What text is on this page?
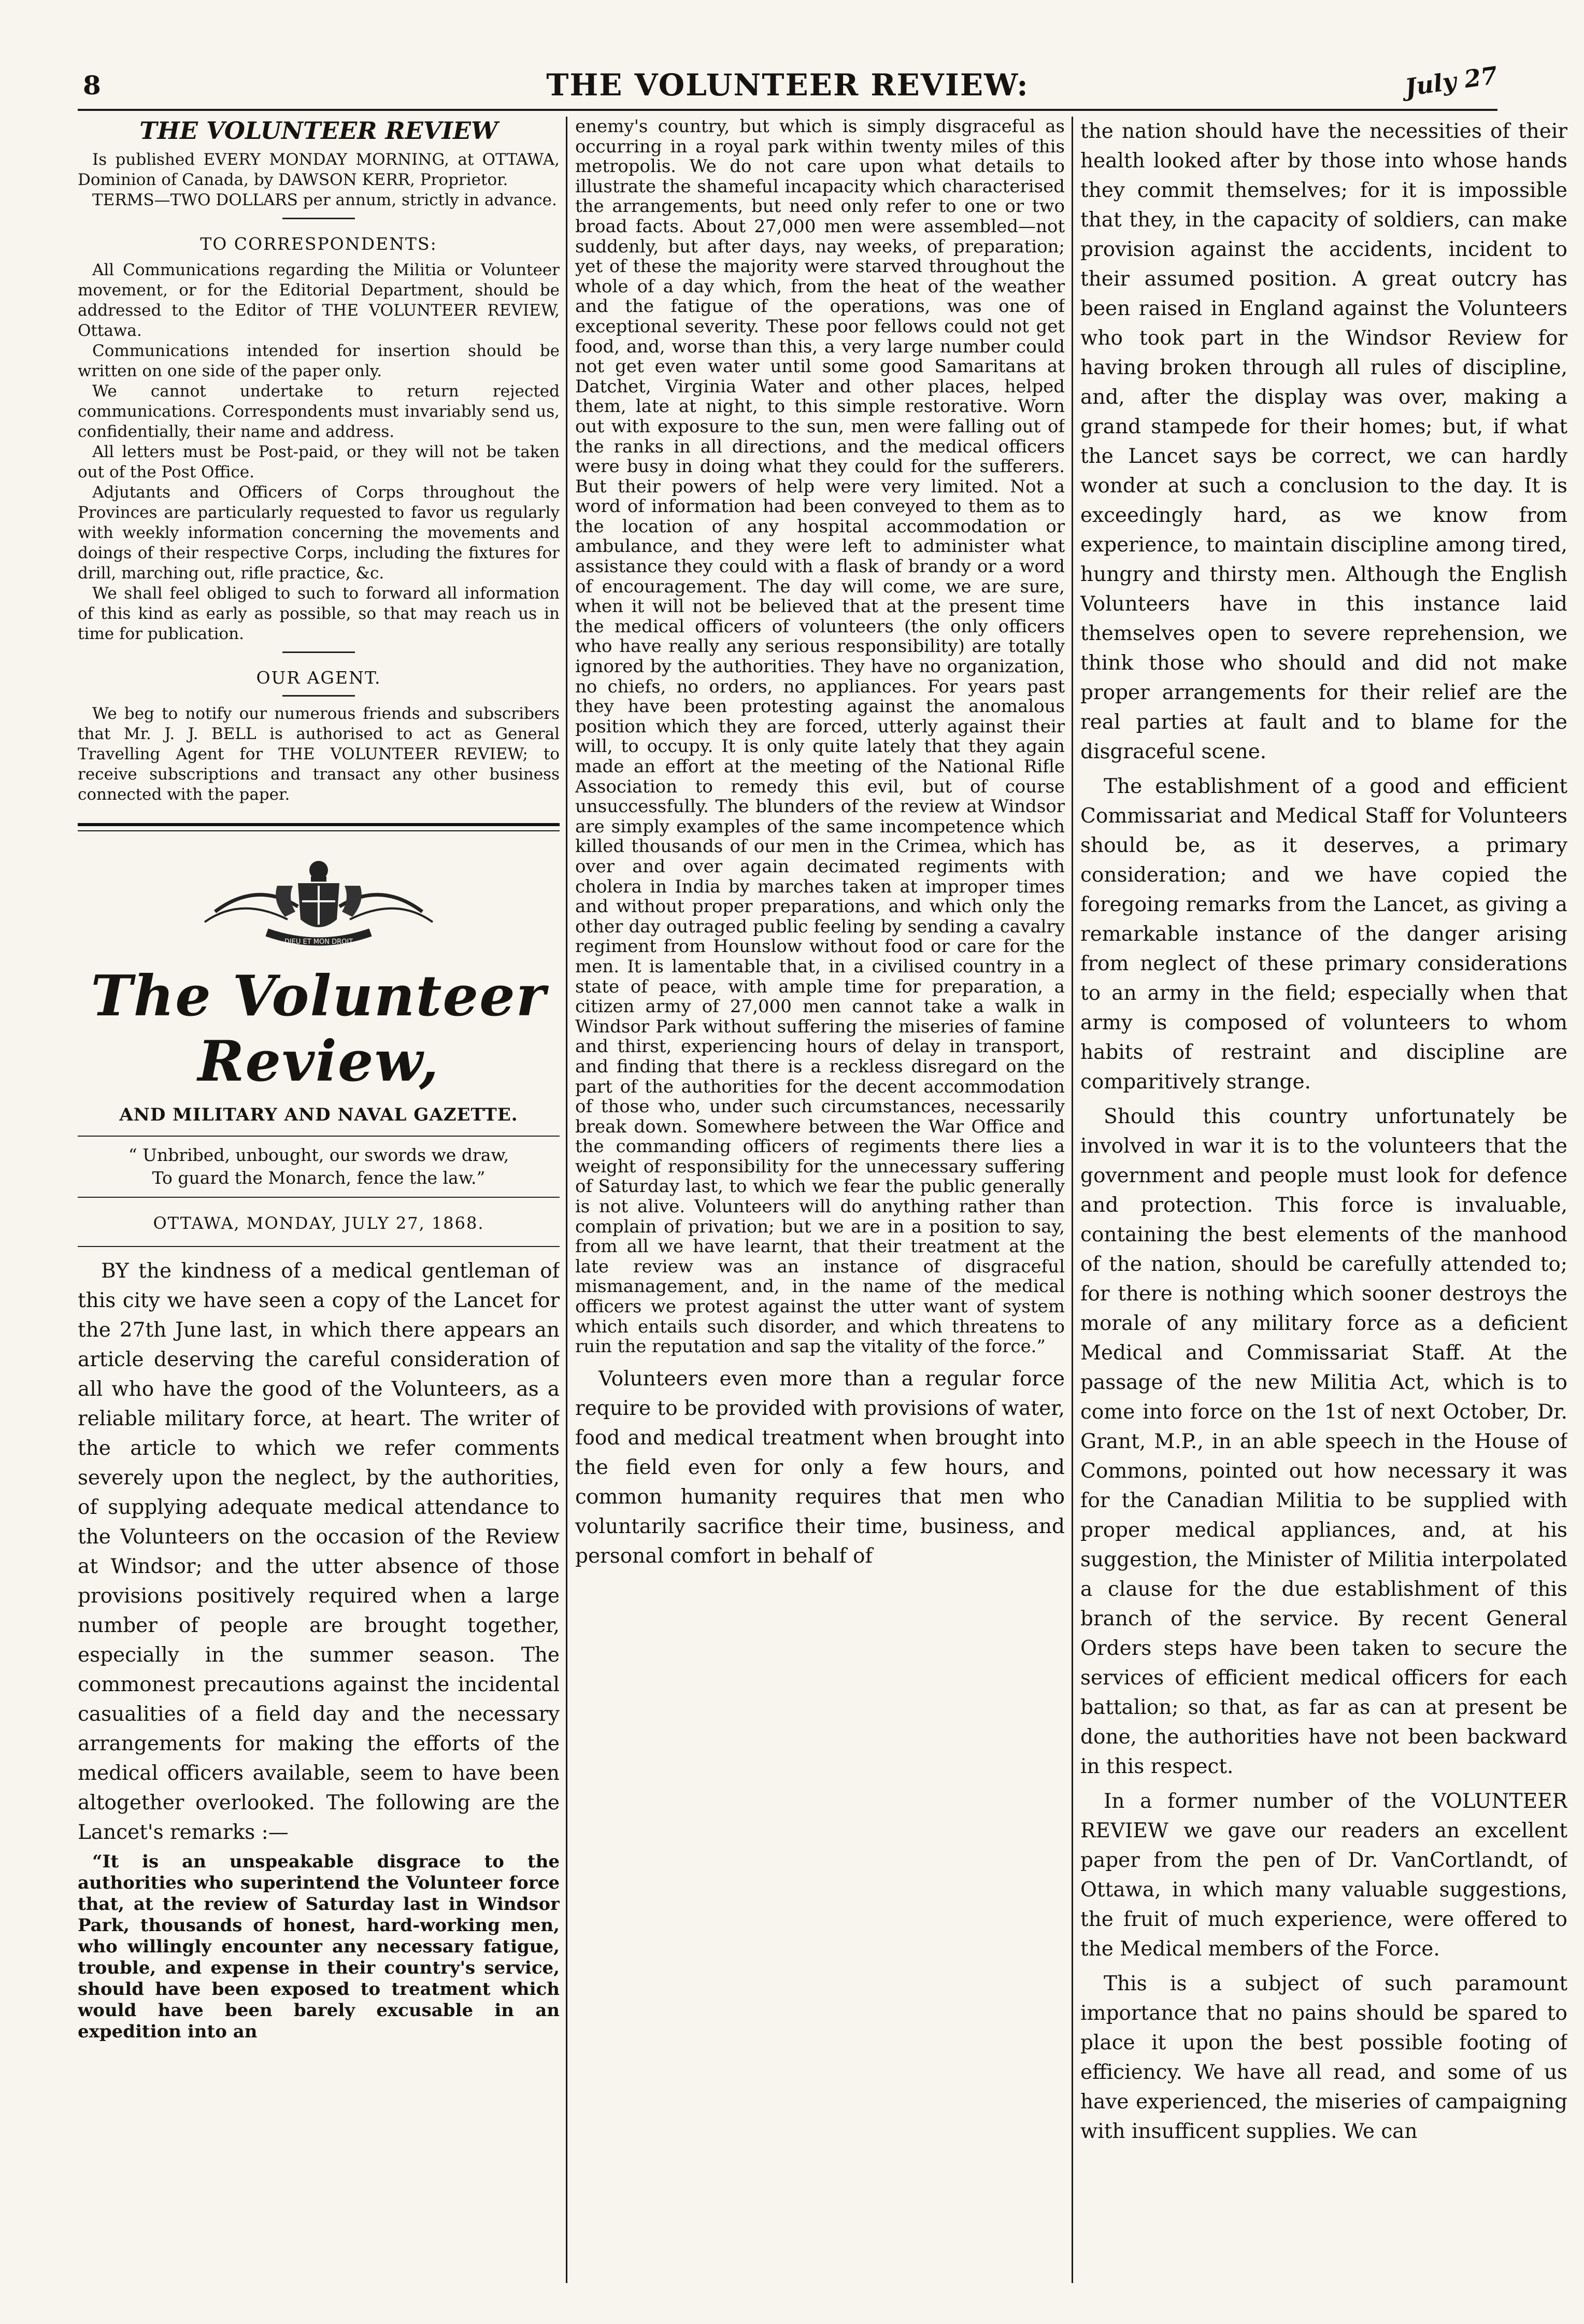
8	THE VOLUNTEER REVIEW:	July 27
THE VOLUNTEER REVIEW

Is published EVERY MONDAY MORNING, at OTTAWA, Dominion of Canada, by DAWSON KERR, Proprietor.

TERMS—TWO DOLLARS per annum, strictly in advance.

TO CORRESPONDENTS:

All Communications regarding the Militia or Volunteer movement, or for the Editorial Department, should be addressed to the Editor of THE VOLUNTEER REVIEW, Ottawa.

Communications intended for insertion should be written on one side of the paper only.

We cannot undertake to return rejected communications. Correspondents must invariably send us, confidentially, their name and address.

All letters must be Post-paid, or they will not be taken out of the Post Office.

Adjutants and Officers of Corps throughout the Provinces are particularly requested to favor us regularly with weekly information concerning the movements and doings of their respective Corps, including the fixtures for drill, marching out, rifle practice, &c.

We shall feel obliged to such to forward all information of this kind as early as possible, so that may reach us in time for publication.

OUR AGENT.

We beg to notify our numerous friends and subscribers that Mr. J. J. BELL is authorised to act as General Travelling Agent for THE VOLUNTEER REVIEW; to receive subscriptions and transact any other business connected with the paper.

DIEU ET MON DROIT
The Volunteer Review,
AND MILITARY AND NAVAL GAZETTE.
“ Unbribed, unbought, our swords we draw,
To guard the Monarch, fence the law.”
OTTAWA, MONDAY, JULY 27, 1868.

BY the kindness of a medical gentleman of this city we have seen a copy of the Lancet for the 27th June last, in which there appears an article deserving the careful consideration of all who have the good of the Volunteers, as a reliable military force, at heart. The writer of the article to which we refer comments severely upon the neglect, by the authorities, of supplying adequate medical attendance to the Volunteers on the occasion of the Review at Windsor; and the utter absence of those provisions positively required when a large number of people are brought together, especially in the summer season. The commonest precautions against the incidental casualities of a field day and the necessary arrangements for making the efforts of the medical officers available, seem to have been altogether overlooked. The following are the Lancet's remarks :—

“It is an unspeakable disgrace to the authorities who superintend the Volunteer force that, at the review of Saturday last in Windsor Park, thousands of honest, hard-working men, who willingly encounter any necessary fatigue, trouble, and expense in their country's service, should have been exposed to treatment which would have been barely excusable in an expedition into an

enemy's country, but which is simply disgraceful as occurring in a royal park within twenty miles of this metropolis. We do not care upon what details to illustrate the shameful incapacity which characterised the arrangements, but need only refer to one or two broad facts. About 27,000 men were assembled—not suddenly, but after days, nay weeks, of preparation; yet of these the majority were starved throughout the whole of a day which, from the heat of the weather and the fatigue of the operations, was one of exceptional severity. These poor fellows could not get food, and, worse than this, a very large number could not get even water until some good Samaritans at Datchet, Virginia Water and other places, helped them, late at night, to this simple restorative. Worn out with exposure to the sun, men were falling out of the ranks in all directions, and the medical officers were busy in doing what they could for the sufferers. But their powers of help were very limited. Not a word of information had been conveyed to them as to the location of any hospital accommodation or ambulance, and they were left to administer what assistance they could with a flask of brandy or a word of encouragement. The day will come, we are sure, when it will not be believed that at the present time the medical officers of volunteers (the only officers who have really any serious responsibility) are totally ignored by the authorities. They have no organization, no chiefs, no orders, no appliances. For years past they have been protesting against the anomalous position which they are forced, utterly against their will, to occupy. It is only quite lately that they again made an effort at the meeting of the National Rifle Association to remedy this evil, but of course unsuccessfully. The blunders of the review at Windsor are simply examples of the same incompetence which killed thousands of our men in the Crimea, which has over and over again decimated regiments with cholera in India by marches taken at improper times and without proper preparations, and which only the other day outraged public feeling by sending a cavalry regiment from Hounslow without food or care for the men. It is lamentable that, in a civilised country in a state of peace, with ample time for preparation, a citizen army of 27,000 men cannot take a walk in Windsor Park without suffering the miseries of famine and thirst, experiencing hours of delay in transport, and finding that there is a reckless disregard on the part of the authorities for the decent accommodation of those who, under such circumstances, necessarily break down. Somewhere between the War Office and the commanding officers of regiments there lies a weight of responsibility for the unnecessary suffering of Saturday last, to which we fear the public generally is not alive. Volunteers will do anything rather than complain of privation; but we are in a position to say, from all we have learnt, that their treatment at the late review was an instance of disgraceful mismanagement, and, in the name of the medical officers we protest against the utter want of system which entails such disorder, and which threatens to ruin the reputation and sap the vitality of the force.”

Volunteers even more than a regular force require to be provided with provisions of water, food and medical treatment when brought into the field even for only a few hours, and common humanity requires that men who voluntarily sacrifice their time, business, and personal comfort in behalf of

the nation should have the necessities of their health looked after by those into whose hands they commit themselves; for it is impossible that they, in the capacity of soldiers, can make provision against the accidents, incident to their assumed position. A great outcry has been raised in England against the Volunteers who took part in the Windsor Review for having broken through all rules of discipline, and, after the display was over, making a grand stampede for their homes; but, if what the Lancet says be correct, we can hardly wonder at such a conclusion to the day. It is exceedingly hard, as we know from experience, to maintain discipline among tired, hungry and thirsty men. Although the English Volunteers have in this instance laid themselves open to severe reprehension, we think those who should and did not make proper arrangements for their relief are the real parties at fault and to blame for the disgraceful scene.

The establishment of a good and efficient Commissariat and Medical Staff for Volunteers should be, as it deserves, a primary consideration; and we have copied the foregoing remarks from the Lancet, as giving a remarkable instance of the danger arising from neglect of these primary considerations to an army in the field; especially when that army is composed of volunteers to whom habits of restraint and discipline are comparitively strange.

Should this country unfortunately be involved in war it is to the volunteers that the government and people must look for defence and protection. This force is invaluable, containing the best elements of the manhood of the nation, should be carefully attended to; for there is nothing which sooner destroys the morale of any military force as a deficient Medical and Commissariat Staff. At the passage of the new Militia Act, which is to come into force on the 1st of next October, Dr. Grant, M.P., in an able speech in the House of Commons, pointed out how necessary it was for the Canadian Militia to be supplied with proper medical appliances, and, at his suggestion, the Minister of Militia interpolated a clause for the due establishment of this branch of the service. By recent General Orders steps have been taken to secure the services of efficient medical officers for each battalion; so that, as far as can at present be done, the authorities have not been backward in this respect.

In a former number of the VOLUNTEER REVIEW we gave our readers an excellent paper from the pen of Dr. VanCortlandt, of Ottawa, in which many valuable suggestions, the fruit of much experience, were offered to the Medical members of the Force.

This is a subject of such paramount importance that no pains should be spared to place it upon the best possible footing of efficiency. We have all read, and some of us have experienced, the miseries of campaigning with insufficent supplies. We can
